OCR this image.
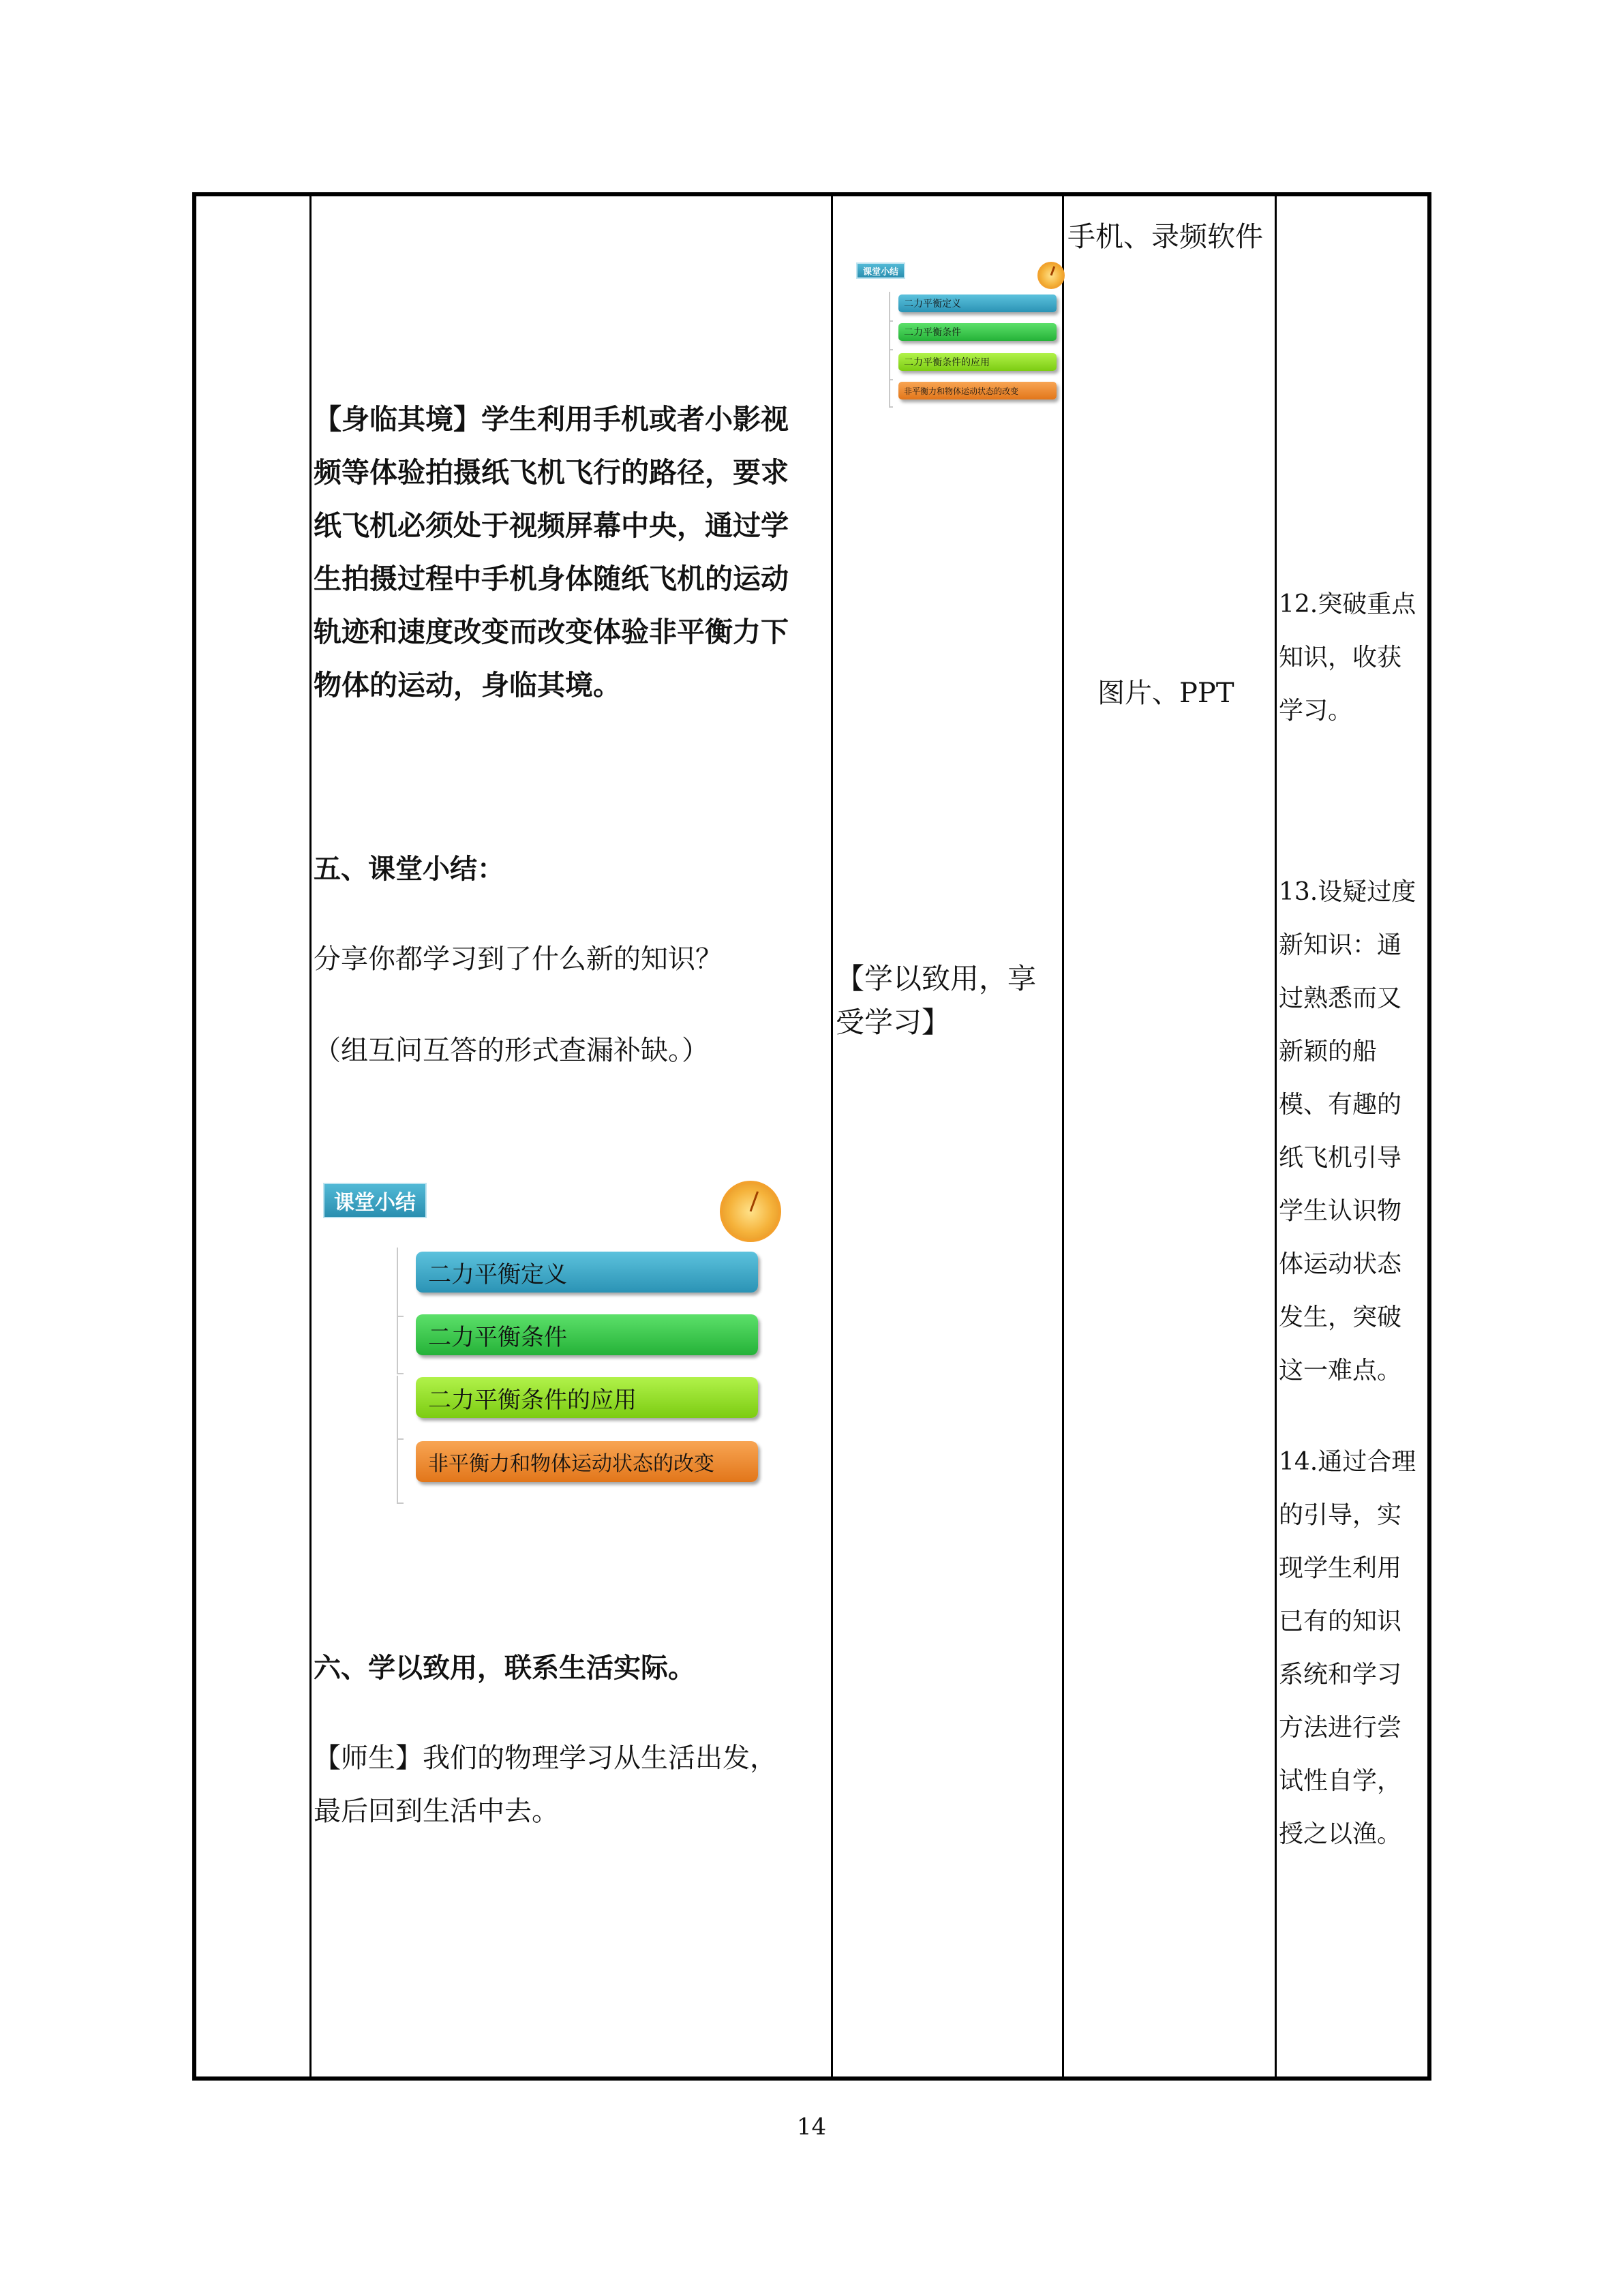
【身临其境】学生利用手机或者小影视

频等体验拍摄纸飞机飞行的路径，要求

纸飞机必须处于视频屏幕中央，通过学

生拍摄过程中手机身体随纸飞机的运动

轨迹和速度改变而改变体验非平衡力下

物体的运动，身临其境。

五、课堂小结：
分享你都学习到了什么新的知识？
（组互问互答的形式查漏补缺。）
课堂小结
二力平衡定义
二力平衡条件
二力平衡条件的应用
非平衡力和物体运动状态的改变
六、学以致用，联系生活实际。

【师生】我们的物理学习从生活出发，

最后回到生活中去。

课堂小结
二力平衡定义
二力平衡条件
二力平衡条件的应用
非平衡力和物体运动状态的改变

【学以致用，享

受学习】

手机、录频软件
图片、PPT

12.突破重点

知识，收获

学习。

13.设疑过度

新知识：通

过熟悉而又

新颖的船

模、有趣的

纸飞机引导

学生认识物

体运动状态

发生，突破

这一难点。

14.通过合理

的引导，实

现学生利用

已有的知识

系统和学习

方法进行尝

试性自学，

授之以渔。

14
